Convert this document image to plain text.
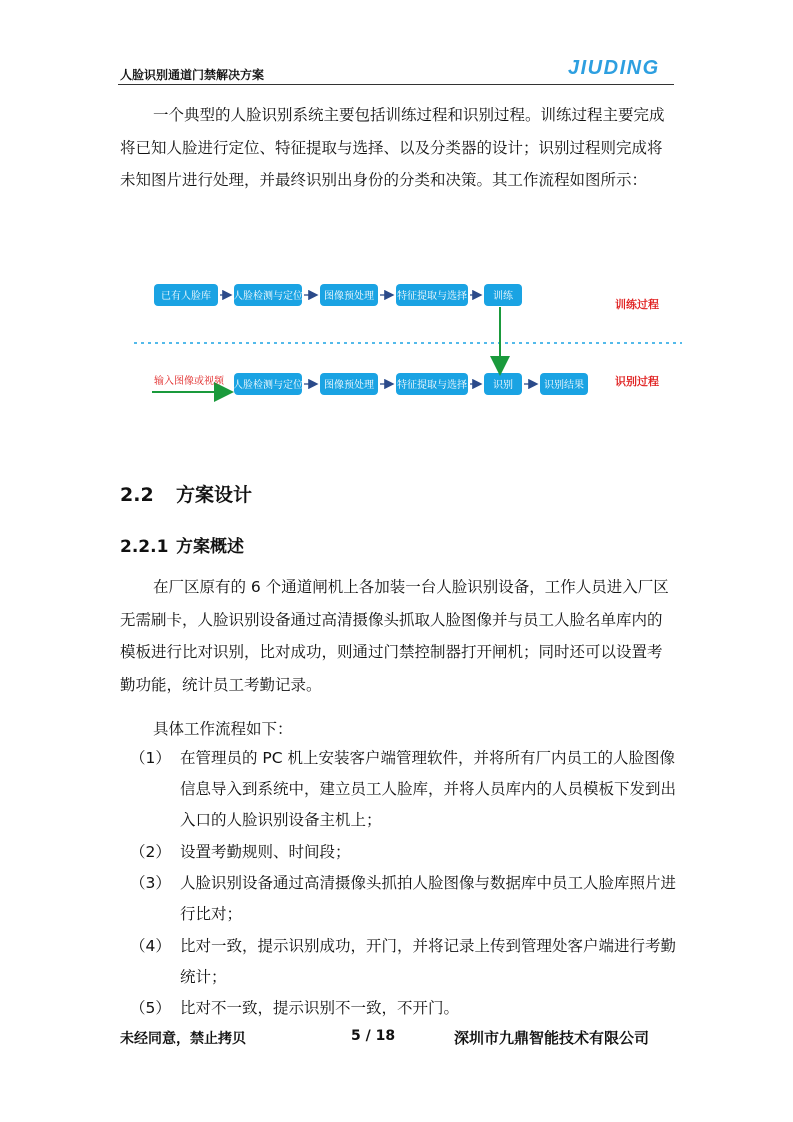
人脸识别通道门禁解决方案	JIUDING
一个典型的人脸识别系统主要包括训练过程和识别过程。训练过程主要完成将已知人脸进行定位、特征提取与选择、以及分类器的设计；识别过程则完成将未知图片进行处理，并最终识别出身份的分类和决策。其工作流程如图所示：
已有人脸库 人脸检测与定位 图像预处理 特征提取与选择	训练
人脸检测与定位 图像预处理 特征提取与选择	识别	识别结果
输入图像或视频
训练过程
识别过程
2.2 方案设计
2.2.1 方案概述
在厂区原有的 6 个通道闸机上各加装一台人脸识别设备，工作人员进入厂区无需刷卡，人脸识别设备通过高清摄像头抓取人脸图像并与员工人脸名单库内的模板进行比对识别，比对成功，则通过门禁控制器打开闸机；同时还可以设置考勤功能，统计员工考勤记录。
具体工作流程如下：
（1） 在管理员的 PC 机上安装客户端管理软件，并将所有厂内员工的人脸图像信息导入到系统中，建立员工人脸库，并将人员库内的人员模板下发到出入口的人脸识别设备主机上；
（2） 设置考勤规则、时间段；
（3） 人脸识别设备通过高清摄像头抓拍人脸图像与数据库中员工人脸库照片进行比对；
（4） 比对一致，提示识别成功，开门，并将记录上传到管理处客户端进行考勤统计；
（5） 比对不一致，提示识别不一致，不开门。
未经同意，禁止拷贝	5 / 18	深圳市九鼎智能技术有限公司
